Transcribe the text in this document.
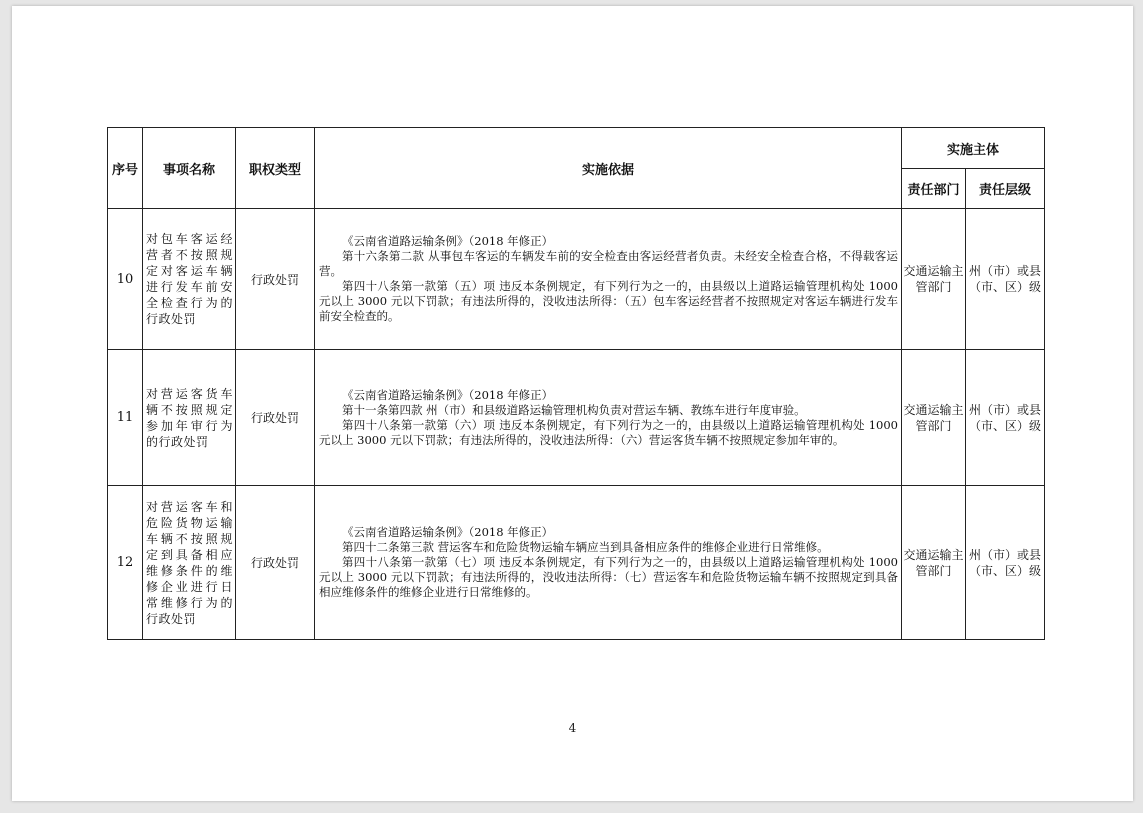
序号	事项名称	职权类型	实施依据	实施主体	
				责任部门	责任层级
10	对包车客运经营者不按照规定对客运车辆进行发车前安全检查行为的行政处罚	行政处罚	《云南省道路运输条例》（2018 年修正）

第十六条第二款 从事包车客运的车辆发车前的安全检查由客运经营者负责。未经安全检查合格，不得载客运营。

第四十八条第一款第（五）项 违反本条例规定，有下列行为之一的，由县级以上道路运输管理机构处 1000 元以上 3000 元以下罚款；有违法所得的，没收违法所得：（五）包车客运经营者不按照规定对客运车辆进行发车前安全检查的。	交通运输主管部门	州（市）或县（市、区）级
11	对营运客货车辆不按照规定参加年审行为的行政处罚	行政处罚	《云南省道路运输条例》（2018 年修正）

第十一条第四款 州（市）和县级道路运输管理机构负责对营运车辆、教练车进行年度审验。

第四十八条第一款第（六）项 违反本条例规定，有下列行为之一的，由县级以上道路运输管理机构处 1000 元以上 3000 元以下罚款；有违法所得的，没收违法所得：（六）营运客货车辆不按照规定参加年审的。	交通运输主管部门	州（市）或县（市、区）级
12	对营运客车和危险货物运输车辆不按照规定到具备相应维修条件的维修企业进行日常维修行为的行政处罚	行政处罚	《云南省道路运输条例》（2018 年修正）

第四十二条第三款 营运客车和危险货物运输车辆应当到具备相应条件的维修企业进行日常维修。

第四十八条第一款第（七）项 违反本条例规定，有下列行为之一的，由县级以上道路运输管理机构处 1000 元以上 3000 元以下罚款；有违法所得的，没收违法所得：（七）营运客车和危险货物运输车辆不按照规定到具备相应维修条件的维修企业进行日常维修的。	交通运输主管部门	州（市）或县（市、区）级
4
